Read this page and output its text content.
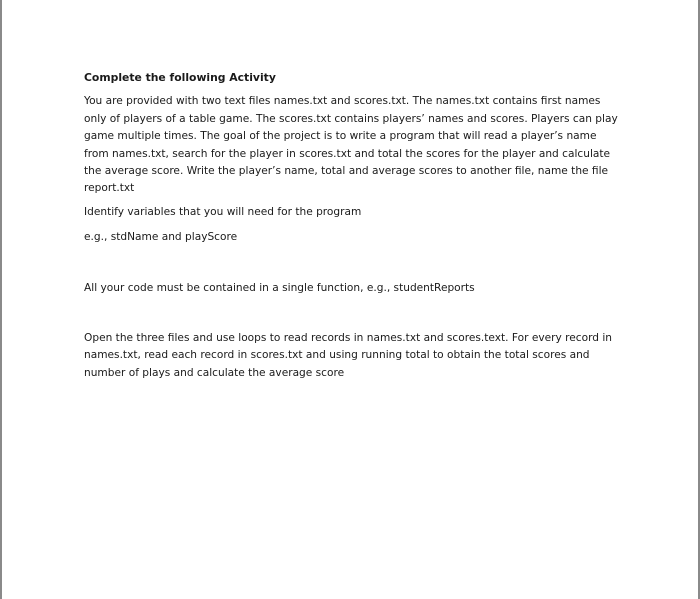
Complete the following Activity

You are provided with two text files names.txt and scores.txt. The names.txt contains first names only of players of a table game. The scores.txt contains players’ names and scores. Players can play game multiple times. The goal of the project is to write a program that will read a player’s name from names.txt, search for the player in scores.txt and total the scores for the player and calculate the average score. Write the player’s name, total and average scores to another file, name the file report.txt

Identify variables that you will need for the program

e.g., stdName and playScore

All your code must be contained in a single function, e.g., studentReports

Open the three files and use loops to read records in names.txt and scores.text. For every record in names.txt, read each record in scores.txt and using running total to obtain the total scores and number of plays and calculate the average score
